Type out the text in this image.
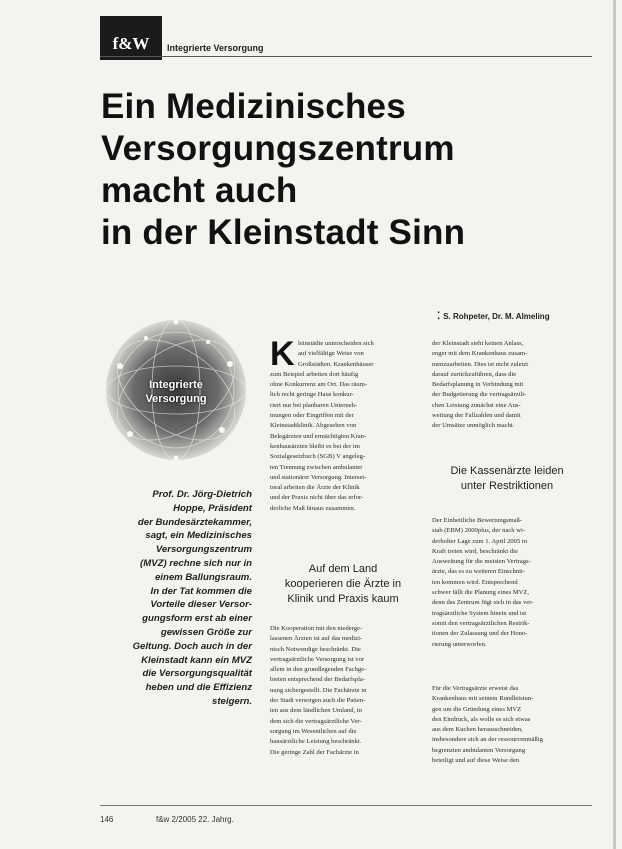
f&W Integrierte Versorgung
Ein Medizinisches
Versorgungszentrum
macht auch
in der Kleinstadt Sinn
⁚ S. Rohpeter, Dr. M. Almeling
Integrierte
Versorgung
Prof. Dr. Jörg-Dietrich
Hoppe, Präsident
der Bundesärztekammer,
sagt, ein Medizinisches
Versorgungszentrum
(MVZ) rechne sich nur in
einem Ballungsraum.
In der Tat kommen die
Vorteile dieser Versor-
gungsform erst ab einer
gewissen Größe zur
Geltung. Doch auch in der
Kleinstadt kann ein MVZ
die Versorgungsqualität
heben und die Effizienz
steigern.
K leinstädte unterscheiden sich
auf vielfältige Weise von
Großstädten. Krankenhäuser
zum Beispiel arbeiten dort häufig
ohne Konkurrenz am Ort. Das räum-
lich recht geringe Haus konkur-
riert nur bei planbaren Unterneh-
mungen oder Eingriffen mit der
Kleinstadtklinik. Abgesehen von
Belegärzten und ermächtigten Kran-
kenhausärzten bleibt es bei der im
Sozialgesetzbuch (SGB) V angeleg-
ten Trennung zwischen ambulanter
und stationärer Versorgung. Interset-
toral arbeiten die Ärzte der Klinik
und der Praxis nicht über das erfor-
derliche Maß hinaus zusammen.
Auf dem Land
kooperieren die Ärzte in
Klinik und Praxis kaum
Die Kooperation mit den niederge-
lassenen Ärzten ist auf das medizi-
nisch Notwendige beschränkt. Die
vertragsärztliche Versorgung ist vor
allem in den grundlegenden Fachge-
bieten entsprechend der Bedarfspla-
nung sichergestellt. Die Fachärzte in
der Stadt versorgen auch die Patien-
ten aus dem ländlichen Umland, in
dem sich die vertragsärztliche Ver-
sorgung im Wesentlichen auf die
hausärztliche Leistung beschränkt.
Die geringe Zahl der Fachärzte in
der Kleinstadt sieht keinen Anlass,
enger mit dem Krankenhaus zusam-
menzuarbeiten. Dies ist nicht zuletzt
darauf zurückzuführen, dass die
Bedarfsplanung in Verbindung mit
der Budgetierung die vertragsärztli-
chen Leistung zunächst eine Aus-
weitung der Fallzahlen und damit
der Umsätze unmöglich macht.
Die Kassenärzte leiden
unter Restriktionen
Der Einheitliche Bewertungsmaß-
stab (EBM) 2000plus, der nach wi-
derholter Lage zum 1. April 2005 in
Kraft treten wird, beschränkt die
Ausweitung für die meisten Vertrags-
ärzte, das es zu weiteren Einschnit-
ten kommen wird. Entsprechend
schwer fällt die Planung eines MVZ,
denn das Zentrum fügt sich in das ver-
tragsärztliche System hinein und ist
somit den vertragsärztlichen Restrik-
tionen der Zulassung und der Hono-
rierung unterworfen.
Für die Vertragsärzte erweist das
Krankenhaus mit seinem Rundleistun-
gen um die Gründung eines MVZ
den Eindruck, als wolle es sich etwas
aus dem Kuchen herausschneiden,
insbesondere sich an der ressourcenmäßig
begrenzten ambulanten Versorgung
beteiligt und auf diese Weise den
146	f&w 2/2005 22. Jahrg.
